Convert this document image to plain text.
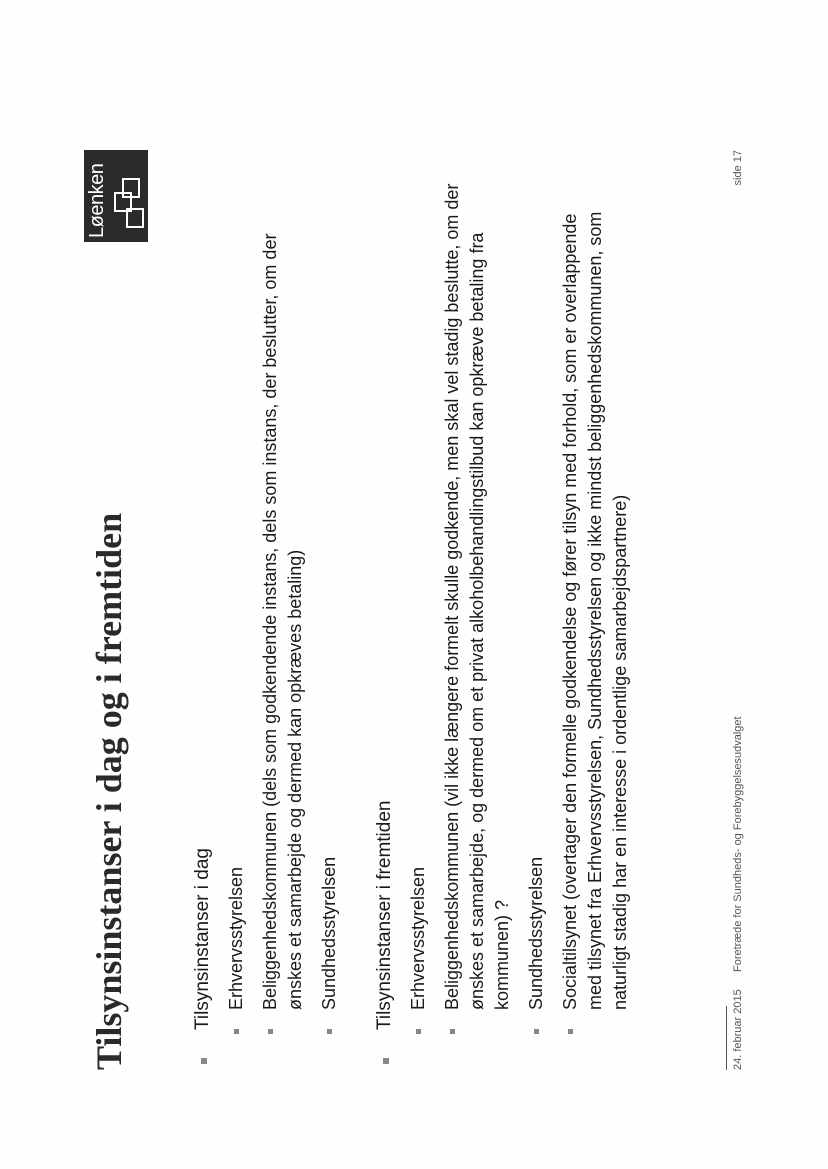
Tilsynsinstanser i dag og i fremtiden
Løenken
Tilsynsinstanser i dag Erhvervsstyrelsen Beliggenhedskommunen (dels som godkendende instans, dels som instans, der beslutter, om der ønskes et samarbejde og dermed kan opkræves betaling) Sundhedsstyrelsen Tilsynsinstanser i fremtiden Erhvervsstyrelsen Beliggenhedskommunen (vil ikke længere formelt skulle godkende, men skal vel stadig beslutte, om der ønskes et samarbejde, og dermed om et privat alkoholbehandlingstilbud kan opkræve betaling fra kommunen) ? Sundhedsstyrelsen Socialtilsynet (overtager den formelle godkendelse og fører tilsyn med forhold, som er overlappende med tilsynet fra Erhvervsstyrelsen, Sundhedsstyrelsen og ikke mindst beliggenhedskommunen, som naturligt stadig har en interesse i ordentlige samarbejdspartnere)
24. februar 2015
Foretræde for Sundheds- og Forebyggelsesudvalget
side 17
